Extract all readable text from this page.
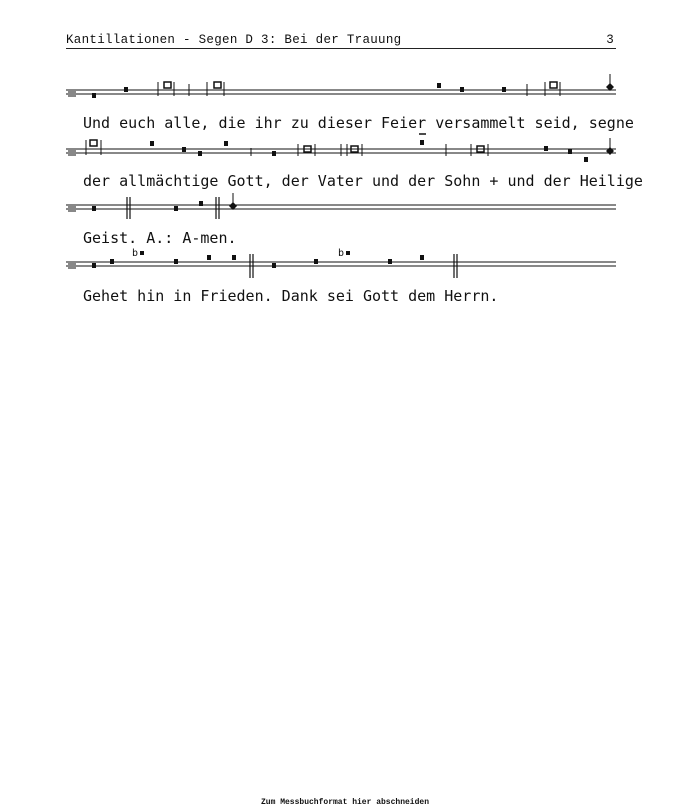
Kantillationen - Segen D 3: Bei der Trauung	3
Und euch alle, die ihr zu dieser Feier versammelt seid, segne
der allmächtige Gott, der Vater und der Sohn + und der Heilige
Geist. A.: A-men.
b	b
Gehet hin in Frieden. Dank sei Gott dem Herrn.
Zum Messbuchformat hier abschneiden
